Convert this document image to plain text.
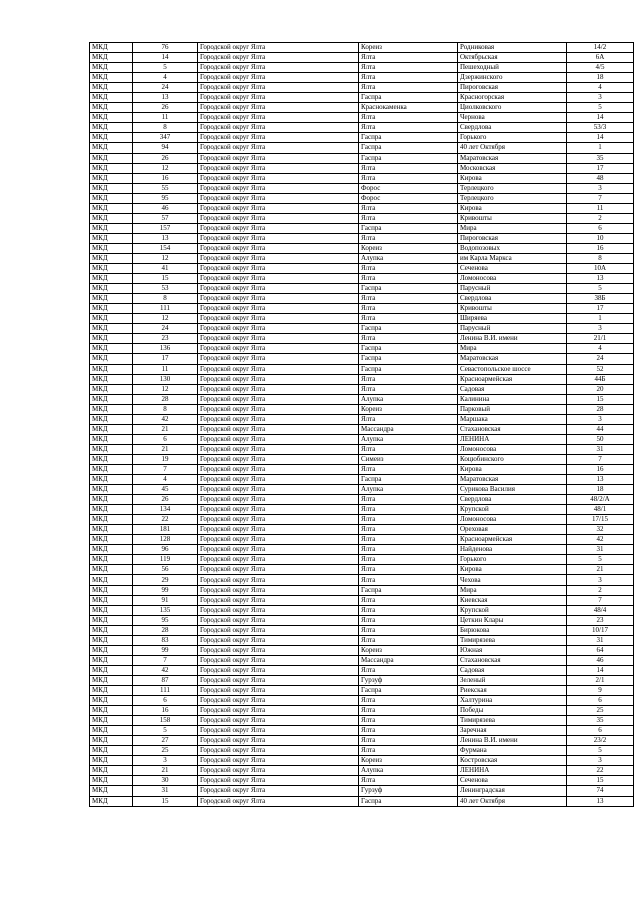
МКД	76	Городской округ Ялта	Кореиз	Родниковая	14/2
МКД	14	Городской округ Ялта	Ялта	Октябрьская	6А
МКД	5	Городской округ Ялта	Ялта	Пешеходный	4/5
МКД	4	Городской округ Ялта	Ялта	Дзержинского	18
МКД	24	Городской округ Ялта	Ялта	Пироговская	4
МКД	13	Городской округ Ялта	Гаспра	Красногорская	3
МКД	26	Городской округ Ялта	Краснокаменка	Циолковского	5
МКД	11	Городской округ Ялта	Ялта	Чернова	14
МКД	8	Городской округ Ялта	Ялта	Свердлова	53/3
МКД	347	Городской округ Ялта	Гаспра	Горького	14
МКД	94	Городской округ Ялта	Гаспра	40 лет Октября	1
МКД	26	Городской округ Ялта	Гаспра	Маратовская	35
МКД	12	Городской округ Ялта	Ялта	Московская	17
МКД	16	Городской округ Ялта	Ялта	Кирова	48
МКД	55	Городской округ Ялта	Форос	Терлецкого	3
МКД	95	Городской округ Ялта	Форос	Терлецкого	7
МКД	46	Городской округ Ялта	Ялта	Кирова	11
МКД	57	Городской округ Ялта	Ялта	Кривошты	2
МКД	157	Городской округ Ялта	Гаспра	Мира	6
МКД	13	Городской округ Ялта	Ялта	Пироговская	10
МКД	154	Городской округ Ялта	Кореиз	Водопозовых	16
МКД	12	Городской округ Ялта	Алупка	им Карла Маркса	8
МКД	41	Городской округ Ялта	Ялта	Сеченова	10А
МКД	15	Городской округ Ялта	Ялта	Ломоносова	13
МКД	53	Городской округ Ялта	Гаспра	Парусный	5
МКД	8	Городской округ Ялта	Ялта	Свердлова	38Б
МКД	111	Городской округ Ялта	Ялта	Кривошты	17
МКД	12	Городской округ Ялта	Ялта	Ширяева	1
МКД	24	Городской округ Ялта	Гаспра	Парусный	3
МКД	23	Городской округ Ялта	Ялта	Ленина В.И. имени	21/1
МКД	136	Городской округ Ялта	Гаспра	Мира	4
МКД	17	Городской округ Ялта	Гаспра	Маратовская	24
МКД	11	Городской округ Ялта	Гаспра	Севастопольское шоссе	52
МКД	130	Городской округ Ялта	Ялта	Красноармейская	44Б
МКД	12	Городской округ Ялта	Ялта	Садовая	20
МКД	28	Городской округ Ялта	Алупка	Калинина	15
МКД	8	Городской округ Ялта	Кореиз	Парковый	28
МКД	42	Городской округ Ялта	Ялта	Маршака	3
МКД	21	Городской округ Ялта	Массандра	Стахановская	44
МКД	6	Городской округ Ялта	Алупка	ЛЕНИНА	50
МКД	21	Городской округ Ялта	Ялта	Ломоносова	31
МКД	19	Городской округ Ялта	Симеиз	Коцюбинского	7
МКД	7	Городской округ Ялта	Ялта	Кирова	16
МКД	4	Городской округ Ялта	Гаспра	Маратовская	13
МКД	45	Городской округ Ялта	Алупка	Сурикова Василия	18
МКД	26	Городской округ Ялта	Ялта	Свердлова	48/2/А
МКД	134	Городской округ Ялта	Ялта	Крупской	48/1
МКД	22	Городской округ Ялта	Ялта	Ломоносова	17/15
МКД	181	Городской округ Ялта	Ялта	Ореховая	32
МКД	128	Городской округ Ялта	Ялта	Красноармейская	42
МКД	96	Городской округ Ялта	Ялта	Найденова	31
МКД	119	Городской округ Ялта	Ялта	Горького	5
МКД	56	Городской округ Ялта	Ялта	Кирова	21
МКД	29	Городской округ Ялта	Ялта	Чехова	3
МКД	99	Городской округ Ялта	Гаспра	Мира	2
МКД	91	Городской округ Ялта	Ялта	Киевская	7
МКД	135	Городской округ Ялта	Ялта	Крупской	48/4
МКД	95	Городской округ Ялта	Ялта	Цеткин Клары	23
МКД	28	Городской округ Ялта	Ялта	Бирюкова	10/17
МКД	83	Городской округ Ялта	Ялта	Тимирязева	31
МКД	99	Городской округ Ялта	Кореиз	Южная	64
МКД	7	Городской округ Ялта	Массандра	Стахановская	46
МКД	42	Городской округ Ялта	Ялта	Садовая	14
МКД	87	Городской округ Ялта	Гурзуф	Зеленый	2/1
МКД	111	Городской округ Ялта	Гаспра	Риекская	9
МКД	6	Городской округ Ялта	Ялта	Халтурина	6
МКД	16	Городской округ Ялта	Ялта	Победы	25
МКД	158	Городской округ Ялта	Ялта	Тимирязева	35
МКД	5	Городской округ Ялта	Ялта	Заречная	6
МКД	27	Городской округ Ялта	Ялта	Ленина В.И. имени	23/2
МКД	25	Городской округ Ялта	Ялта	Фурмана	5
МКД	3	Городской округ Ялта	Кореиз	Костровская	3
МКД	21	Городской округ Ялта	Алупка	ЛЕНИНА	22
МКД	30	Городской округ Ялта	Ялта	Сеченова	15
МКД	31	Городской округ Ялта	Гурзуф	Ленинградская	74
МКД	15	Городской округ Ялта	Гаспра	40 лет Октября	13
